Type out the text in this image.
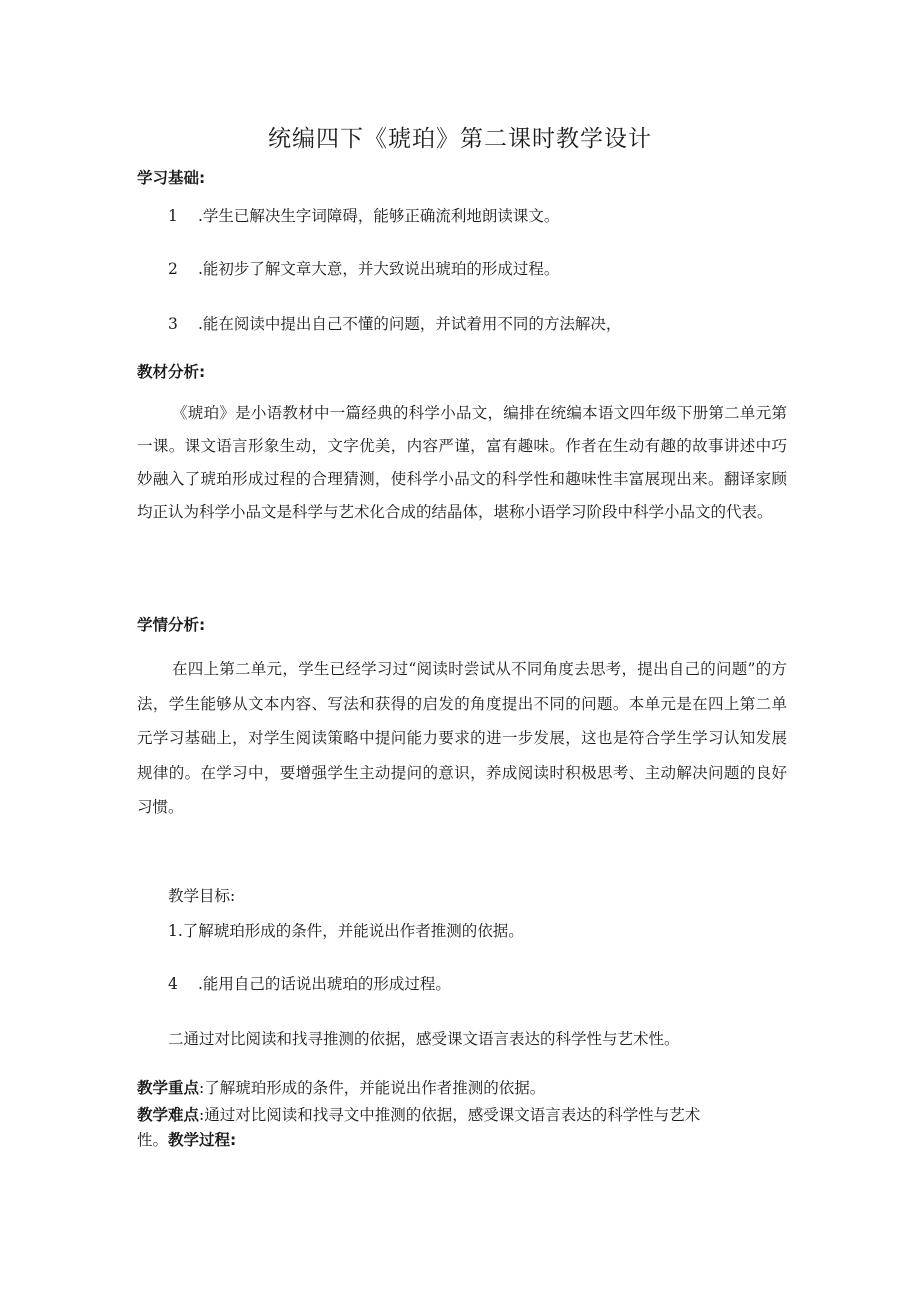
统编四下《琥珀》第二课时教学设计
学习基础:
1 .学生已解决生字词障碍，能够正确流利地朗读课文。
2 .能初步了解文章大意，并大致说出琥珀的形成过程。
3 .能在阅读中提出自己不懂的问题，并试着用不同的方法解决，
教材分析:
《琥珀》是小语教材中一篇经典的科学小品文，编排在统编本语文四年级下册第二单元第一课。课文语言形象生动，文字优美，内容严谨，富有趣味。作者在生动有趣的故事讲述中巧妙融入了琥珀形成过程的合理猜测，使科学小品文的科学性和趣味性丰富展现出来。翻译家顾均正认为科学小品文是科学与艺术化合成的结晶体，堪称小语学习阶段中科学小品文的代表。
学情分析:
在四上第二单元，学生已经学习过“阅读时尝试从不同角度去思考，提出自己的问题”的方法，学生能够从文本内容、写法和获得的启发的角度提出不同的问题。本单元是在四上第二单元学习基础上，对学生阅读策略中提问能力要求的进一步发展，这也是符合学生学习认知发展规律的。在学习中，要增强学生主动提问的意识，养成阅读时积极思考、主动解决问题的良好习惯。
教学目标:
1.了解琥珀形成的条件，并能说出作者推测的依据。
4 .能用自己的话说出琥珀的形成过程。
二通过对比阅读和找寻推测的依据，感受课文语言表达的科学性与艺术性。
教学重点:了解琥珀形成的条件，并能说出作者推测的依据。
教学难点:通过对比阅读和找寻文中推测的依据，感受课文语言表达的科学性与艺术
性。教学过程:
